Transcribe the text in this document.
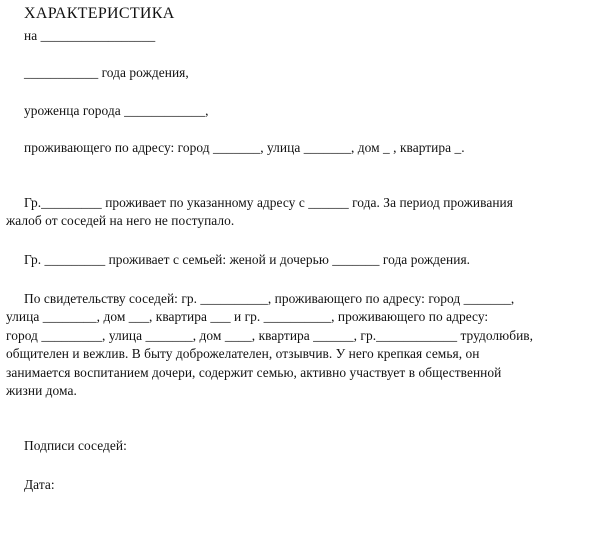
ХАРАКТЕРИСТИКА
на _________________
___________ года рождения,
уроженца города ____________,
проживающего по адресу: город _______, улица _______, дом _ , квартира _.
Гр._________ проживает по указанному адресу с ______ года. За период проживания
жалоб от соседей на него не поступало.
Гр. _________ проживает с семьей: женой и дочерью _______ года рождения.
По свидетельству соседей: гр. __________, проживающего по адресу: город _______,
улица ________, дом ___, квартира ___ и гр. __________, проживающего по адресу:
город _________, улица _______, дом ____, квартира ______, гр.____________ трудолюбив,
общителен и вежлив. В быту доброжелателен, отзывчив. У него крепкая семья, он
занимается воспитанием дочери, содержит семью, активно участвует в общественной
жизни дома.
Подписи соседей:
Дата:
